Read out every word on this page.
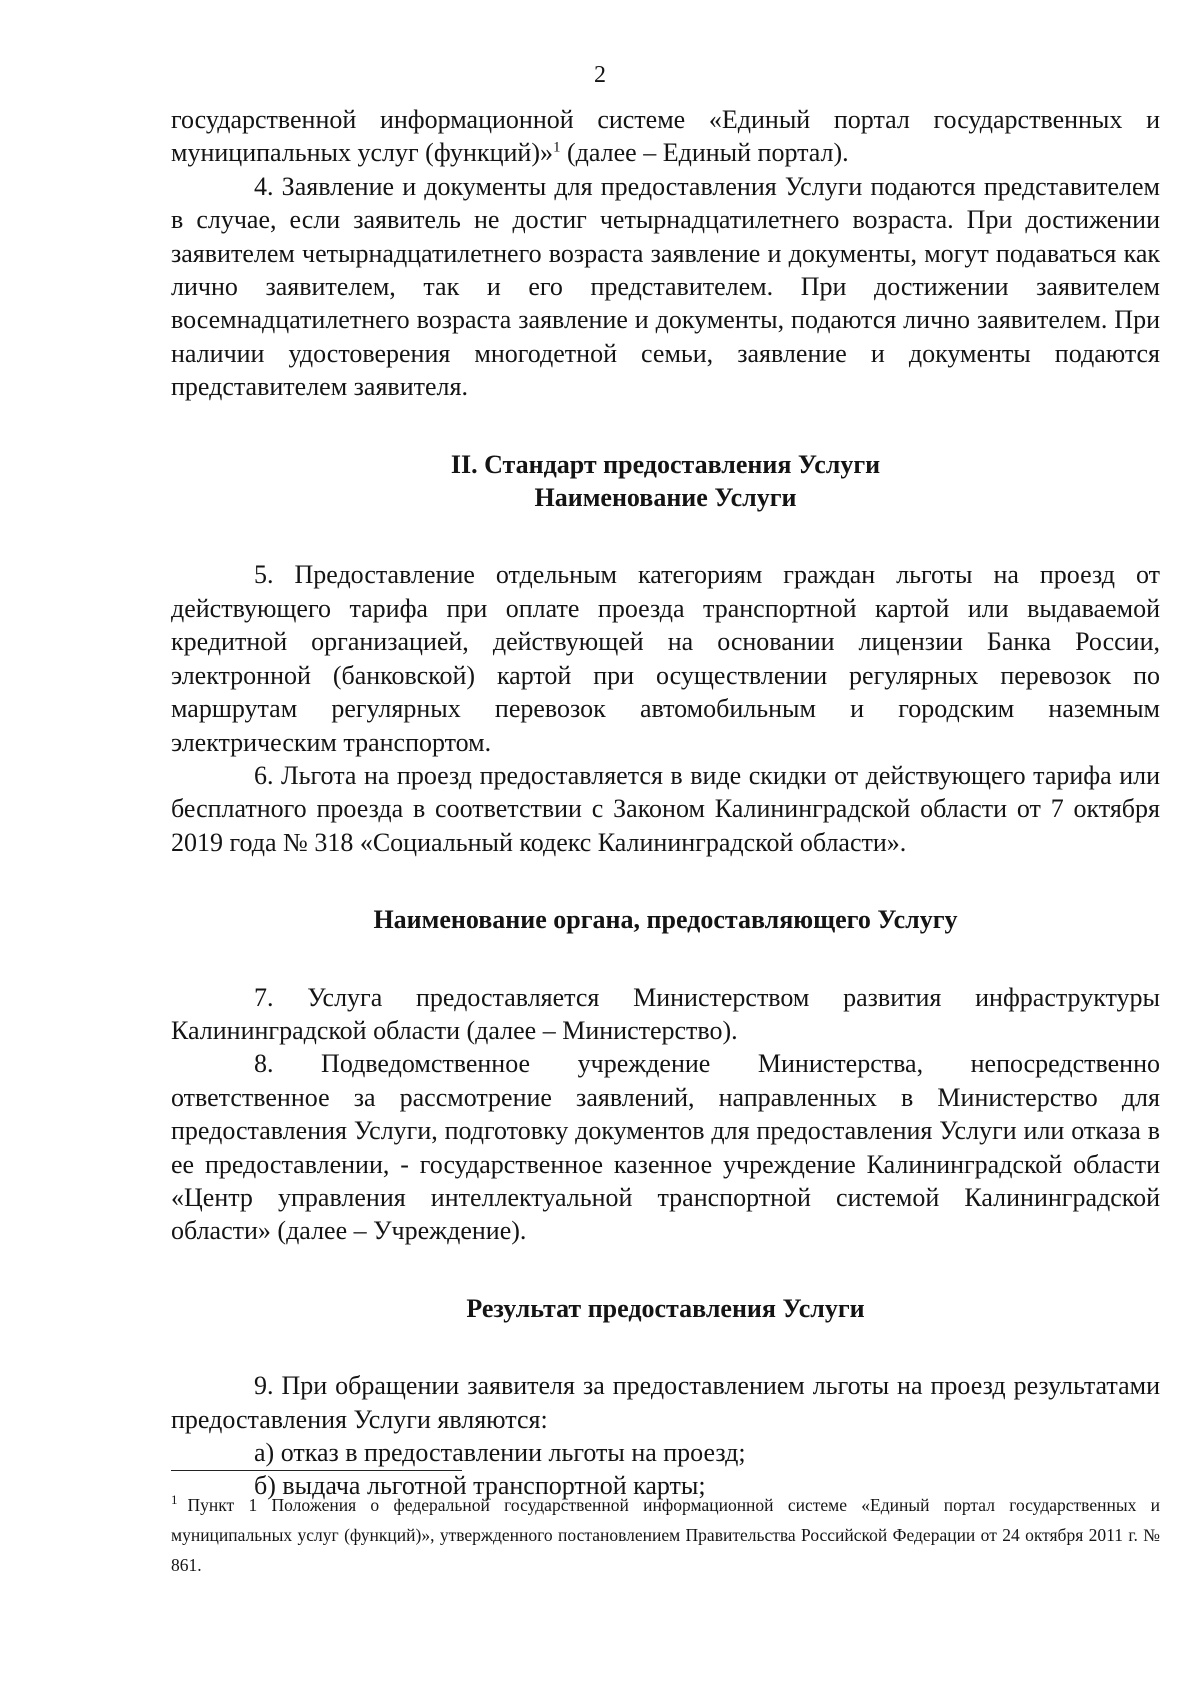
2

государственной информационной системе «Единый портал государственных и муниципальных услуг (функций)»$^1$ (далее – Единый портал).

4. Заявление и документы для предоставления Услуги подаются представителем в случае, если заявитель не достиг четырнадцатилетнего возраста. При достижении заявителем четырнадцатилетнего возраста заявление и документы, могут подаваться как лично заявителем, так и его представителем. При достижении заявителем восемнадцатилетнего возраста заявление и документы, подаются лично заявителем. При наличии удостоверения многодетной семьи, заявление и документы подаются представителем заявителя.

II. Стандарт предоставления Услуги

Наименование Услуги

5. Предоставление отдельным категориям граждан льготы на проезд от действующего тарифа при оплате проезда транспортной картой или выдаваемой кредитной организацией, действующей на основании лицензии Банка России, электронной (банковской) картой при осуществлении регулярных перевозок по маршрутам регулярных перевозок автомобильным и городским наземным электрическим транспортом.

6. Льгота на проезд предоставляется в виде скидки от действующего тарифа или бесплатного проезда в соответствии с Законом Калининградской области от 7 октября 2019 года № 318 «Социальный кодекс Калининградской области».

Наименование органа, предоставляющего Услугу

7. Услуга предоставляется Министерством развития инфраструктуры Калининградской области (далее – Министерство).

8. Подведомственное учреждение Министерства, непосредственно ответственное за рассмотрение заявлений, направленных в Министерство для предоставления Услуги, подготовку документов для предоставления Услуги или отказа в ее предоставлении, - государственное казенное учреждение Калининградской области «Центр управления интеллектуальной транспортной системой Калининградской области» (далее – Учреждение).

Результат предоставления Услуги

9. При обращении заявителя за предоставлением льготы на проезд результатами предоставления Услуги являются:

а) отказ в предоставлении льготы на проезд;

б) выдача льготной транспортной карты;

$^1$ Пункт 1 Положения о федеральной государственной информационной системе «Единый портал государственных и муниципальных услуг (функций)», утвержденного постановлением Правительства Российской Федерации от 24 октября 2011 г. № 861.
